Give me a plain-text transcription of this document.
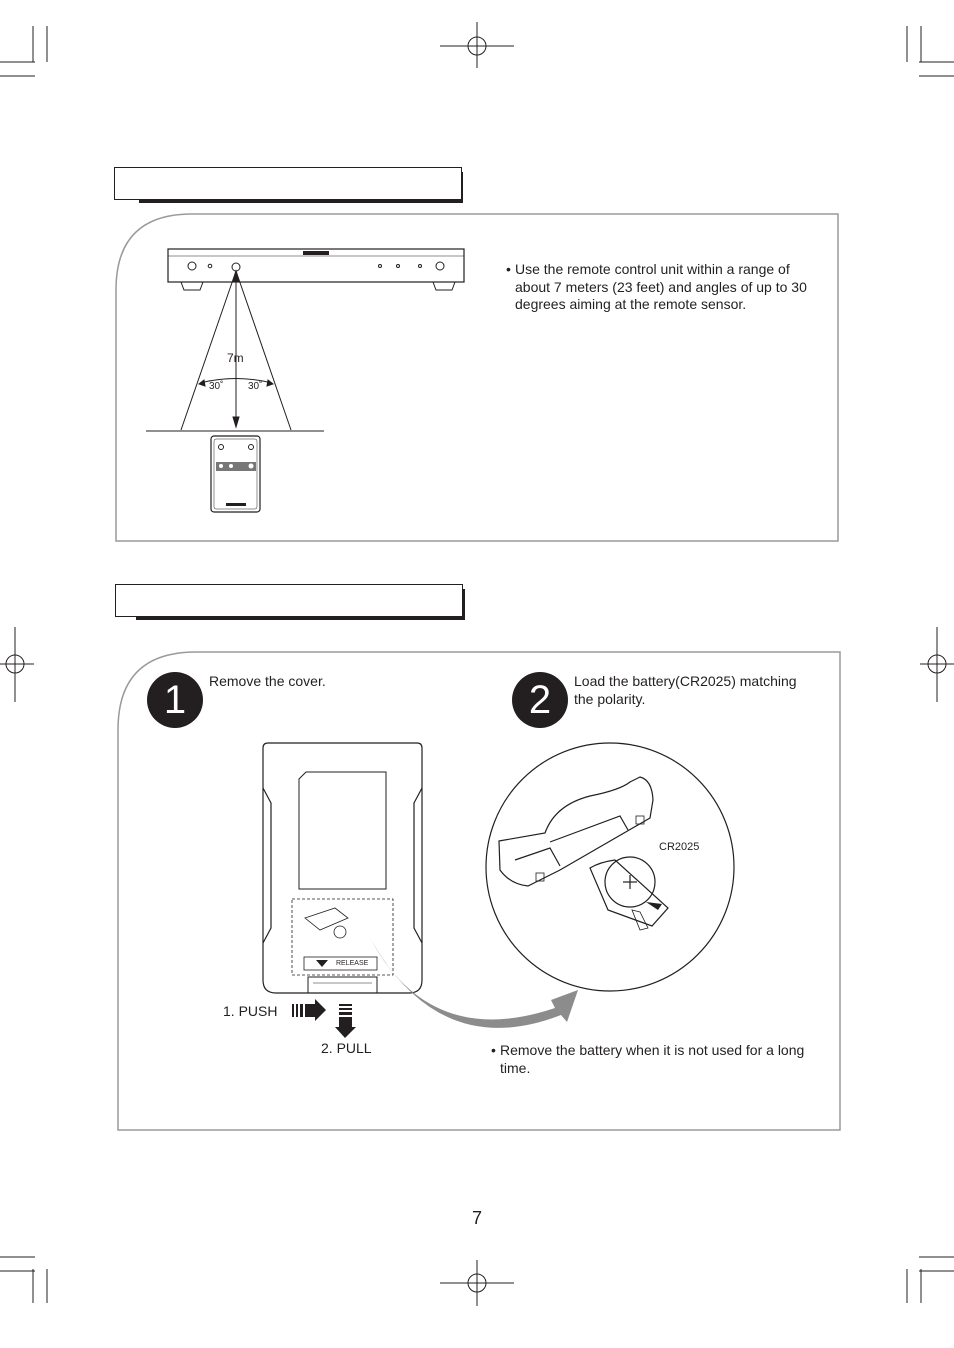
7m
30˚ 30˚
• Use the remote control unit within a range of about 7 meters (23 feet) and angles of up to 30 degrees aiming at the remote sensor.
1	Remove the cover.	2	Load the battery(CR2025) matching the polarity.
CR2025
RELEASE
1. PUSH
2. PULL	• Remove the battery when it is not used for a long time.
7
